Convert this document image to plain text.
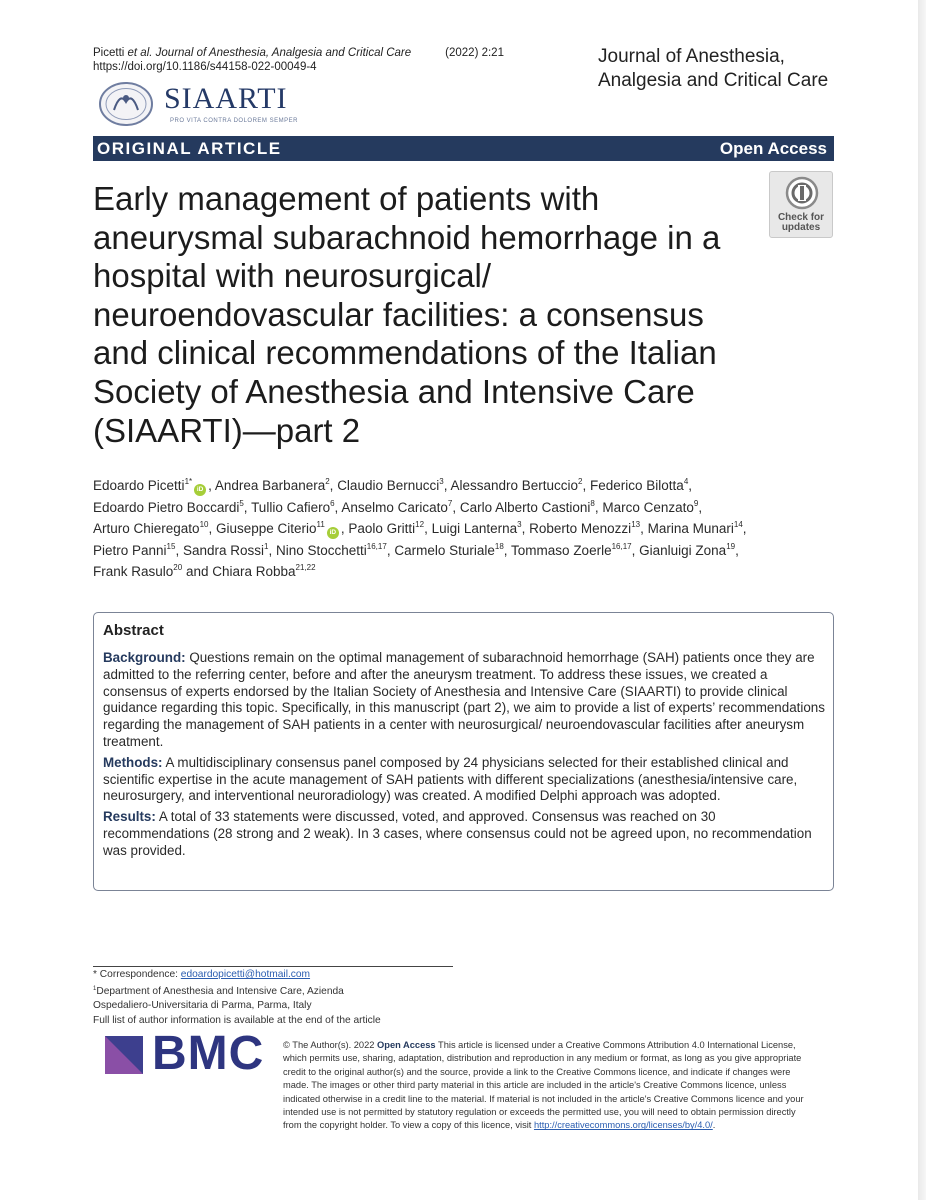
Picetti et al. Journal of Anesthesia, Analgesia and Critical Care	(2022) 2:21
https://doi.org/10.1186/s44158-022-00049-4	Journal of Anesthesia,
Analgesia and Critical Care
SIAARTI
PRO VITA CONTRA DOLOREM SEMPER
ORIGINAL ARTICLE	Open Access
Check for
updates
Early management of patients with
aneurysmal subarachnoid hemorrhage in a
hospital with neurosurgical/
neuroendovascular facilities: a consensus
and clinical recommendations of the Italian
Society of Anesthesia and Intensive Care
(SIAARTI)—part 2
Edoardo Picetti$^{1*}$iD , Andrea Barbanera$^2$, Claudio Bernucci$^3$, Alessandro Bertuccio$^2$, Federico Bilotta$^4$,
Edoardo Pietro Boccardi$^5$, Tullio Cafiero$^6$, Anselmo Caricato$^7$, Carlo Alberto Castioni$^8$, Marco Cenzato$^9$,
Arturo Chieregato$^{10}$, Giuseppe Citerio$^{11}$iD , Paolo Gritti$^{12}$, Luigi Lanterna$^3$, Roberto Menozzi$^{13}$, Marina Munari$^{14}$,
Pietro Panni$^{15}$, Sandra Rossi$^1$, Nino Stocchetti$^{16,17}$, Carmelo Sturiale$^{18}$, Tommaso Zoerle$^{16,17}$, Gianluigi Zona$^{19}$,
Frank Rasulo$^{20}$ and Chiara Robba$^{21,22}$
Abstract

Background: Questions remain on the optimal management of subarachnoid hemorrhage (SAH) patients once they are admitted to the referring center, before and after the aneurysm treatment. To address these issues, we created a consensus of experts endorsed by the Italian Society of Anesthesia and Intensive Care (SIAARTI) to provide clinical guidance regarding this topic. Specifically, in this manuscript (part 2), we aim to provide a list of experts’ recommendations regarding the management of SAH patients in a center with neurosurgical/ neuroendovascular facilities after aneurysm treatment.

Methods: A multidisciplinary consensus panel composed by 24 physicians selected for their established clinical and scientific expertise in the acute management of SAH patients with different specializations (anesthesia/intensive care, neurosurgery, and interventional neuroradiology) was created. A modified Delphi approach was adopted.

Results: A total of 33 statements were discussed, voted, and approved. Consensus was reached on 30 recommendations (28 strong and 2 weak). In 3 cases, where consensus could not be agreed upon, no recommendation was provided.

* Correspondence: edoardopicetti@hotmail.com
$^1$Department of Anesthesia and Intensive Care, Azienda
Ospedaliero-Universitaria di Parma, Parma, Italy
Full list of author information is available at the end of the article
BMC © The Author(s). 2022 Open Access This article is licensed under a Creative Commons Attribution 4.0 International License, which permits use, sharing, adaptation, distribution and reproduction in any medium or format, as long as you give appropriate credit to the original author(s) and the source, provide a link to the Creative Commons licence, and indicate if changes were made. The images or other third party material in this article are included in the article's Creative Commons licence, unless indicated otherwise in a credit line to the material. If material is not included in the article's Creative Commons licence and your intended use is not permitted by statutory regulation or exceeds the permitted use, you will need to obtain permission directly from the copyright holder. To view a copy of this licence, visit http://creativecommons.org/licenses/by/4.0/.
